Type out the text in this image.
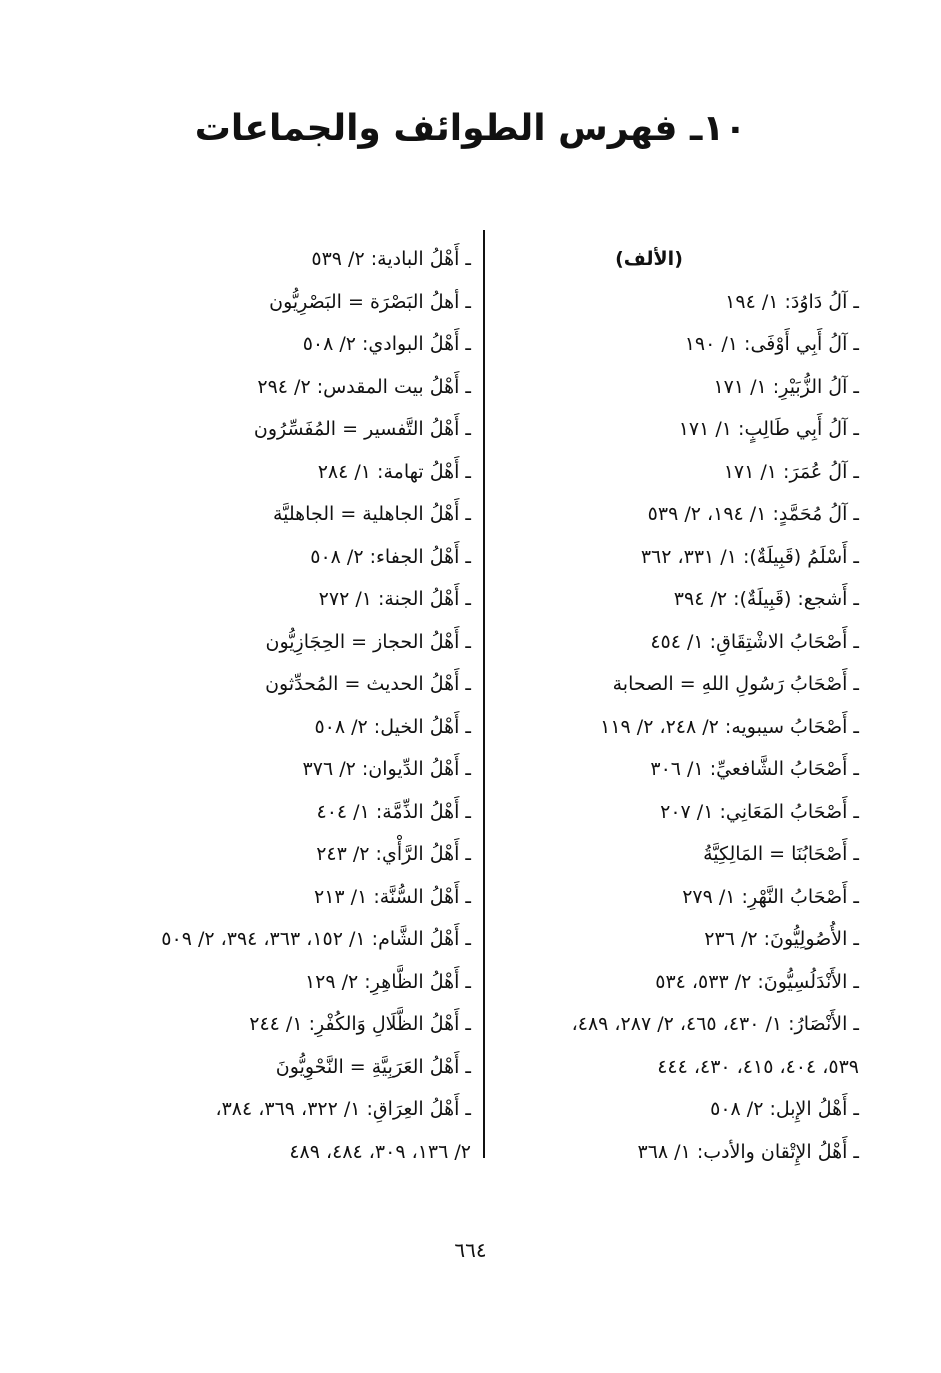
١٠ـ فهرس الطوائف والجماعات
(الألف)
ـ آلُ دَاوُدَ: ١/ ١٩٤
ـ آلُ أَبِي أَوْفَى: ١/ ١٩٠
ـ آلُ الزُّبَيْرِ: ١/ ١٧١
ـ آلُ أَبِي طَالِبٍ: ١/ ١٧١
ـ آلُ عُمَرَ: ١/ ١٧١
ـ آلُ مُحَمَّدٍ: ١/ ١٩٤، ٢/ ٥٣٩
ـ أَسْلَمُ (قَبِيلَةٌ): ١/ ٣٣١، ٣٦٢
ـ أَشجع: (قَبِيلَةٌ): ٢/ ٣٩٤
ـ أَصْحَابُ الاشْتِقَاقِ: ١/ ٤٥٤
ـ أَصْحَابُ رَسُولِ اللهِ = الصحابة
ـ أَصْحَابُ سيبويه: ٢/ ٢٤٨، ٢/ ١١٩
ـ أَصْحَابُ الشَّافعيِّ: ١/ ٣٠٦
ـ أَصْحَابُ المَعَانِي: ١/ ٢٠٧
ـ أَصْحَابُنَا = المَالِكِيَّةُ
ـ أَصْحَابُ النَّهْرِ: ١/ ٢٧٩
ـ الأُصُولِيُّونَ: ٢/ ٢٣٦
ـ الأَنْدَلُسِيُّونَ: ٢/ ٥٣٣، ٥٣٤
ـ الأَنْصَارُ: ١/ ٤٣٠، ٤٦٥، ٢/ ٢٨٧، ٤٨٩،
٥٣٩، ٤٠٤، ٤١٥، ٤٣٠، ٤٤٤
ـ أَهْلُ الإِبل: ٢/ ٥٠٨
ـ أَهْلُ الإِتْقان والأدب: ١/ ٣٦٨
ـ أَهْلُ البادية: ٢/ ٥٣٩
ـ أهلُ البَصْرَة = البَصْرِيُّون
ـ أَهْلُ البوادي: ٢/ ٥٠٨
ـ أَهْلُ بيت المقدس: ٢/ ٢٩٤
ـ أَهْلُ التَّفسير = المُفَسِّرُون
ـ أَهْلُ تهامة: ١/ ٢٨٤
ـ أَهْلُ الجاهلية = الجاهليَّة
ـ أَهْلُ الجفاء: ٢/ ٥٠٨
ـ أَهْلُ الجنة: ١/ ٢٧٢
ـ أَهْلُ الحجاز = الحِجَازِيُّون
ـ أَهْلُ الحديث = المُحدِّثون
ـ أَهْلُ الخيل: ٢/ ٥٠٨
ـ أَهْلُ الدِّيوان: ٢/ ٣٧٦
ـ أَهْلُ الذِّمَّة: ١/ ٤٠٤
ـ أَهْلُ الرَّأْي: ٢/ ٢٤٣
ـ أَهْلُ السُّنَّة: ١/ ٢١٣
ـ أَهْلُ الشَّام: ١/ ١٥٢، ٣٦٣، ٣٩٤، ٢/ ٥٠٩
ـ أَهْلُ الظَّاهِرِ: ٢/ ١٢٩
ـ أَهْلُ الظَّلَالِ وَالكُفْرِ: ١/ ٢٤٤
ـ أَهْلُ العَرَبِيَّةِ = النَّحْوِيُّونَ
ـ أَهْلُ العِرَاقِ: ١/ ٣٢٢، ٣٦٩، ٣٨٤،
٢/ ١٣٦، ٣٠٩، ٤٨٤، ٤٨٩
٦٦٤
